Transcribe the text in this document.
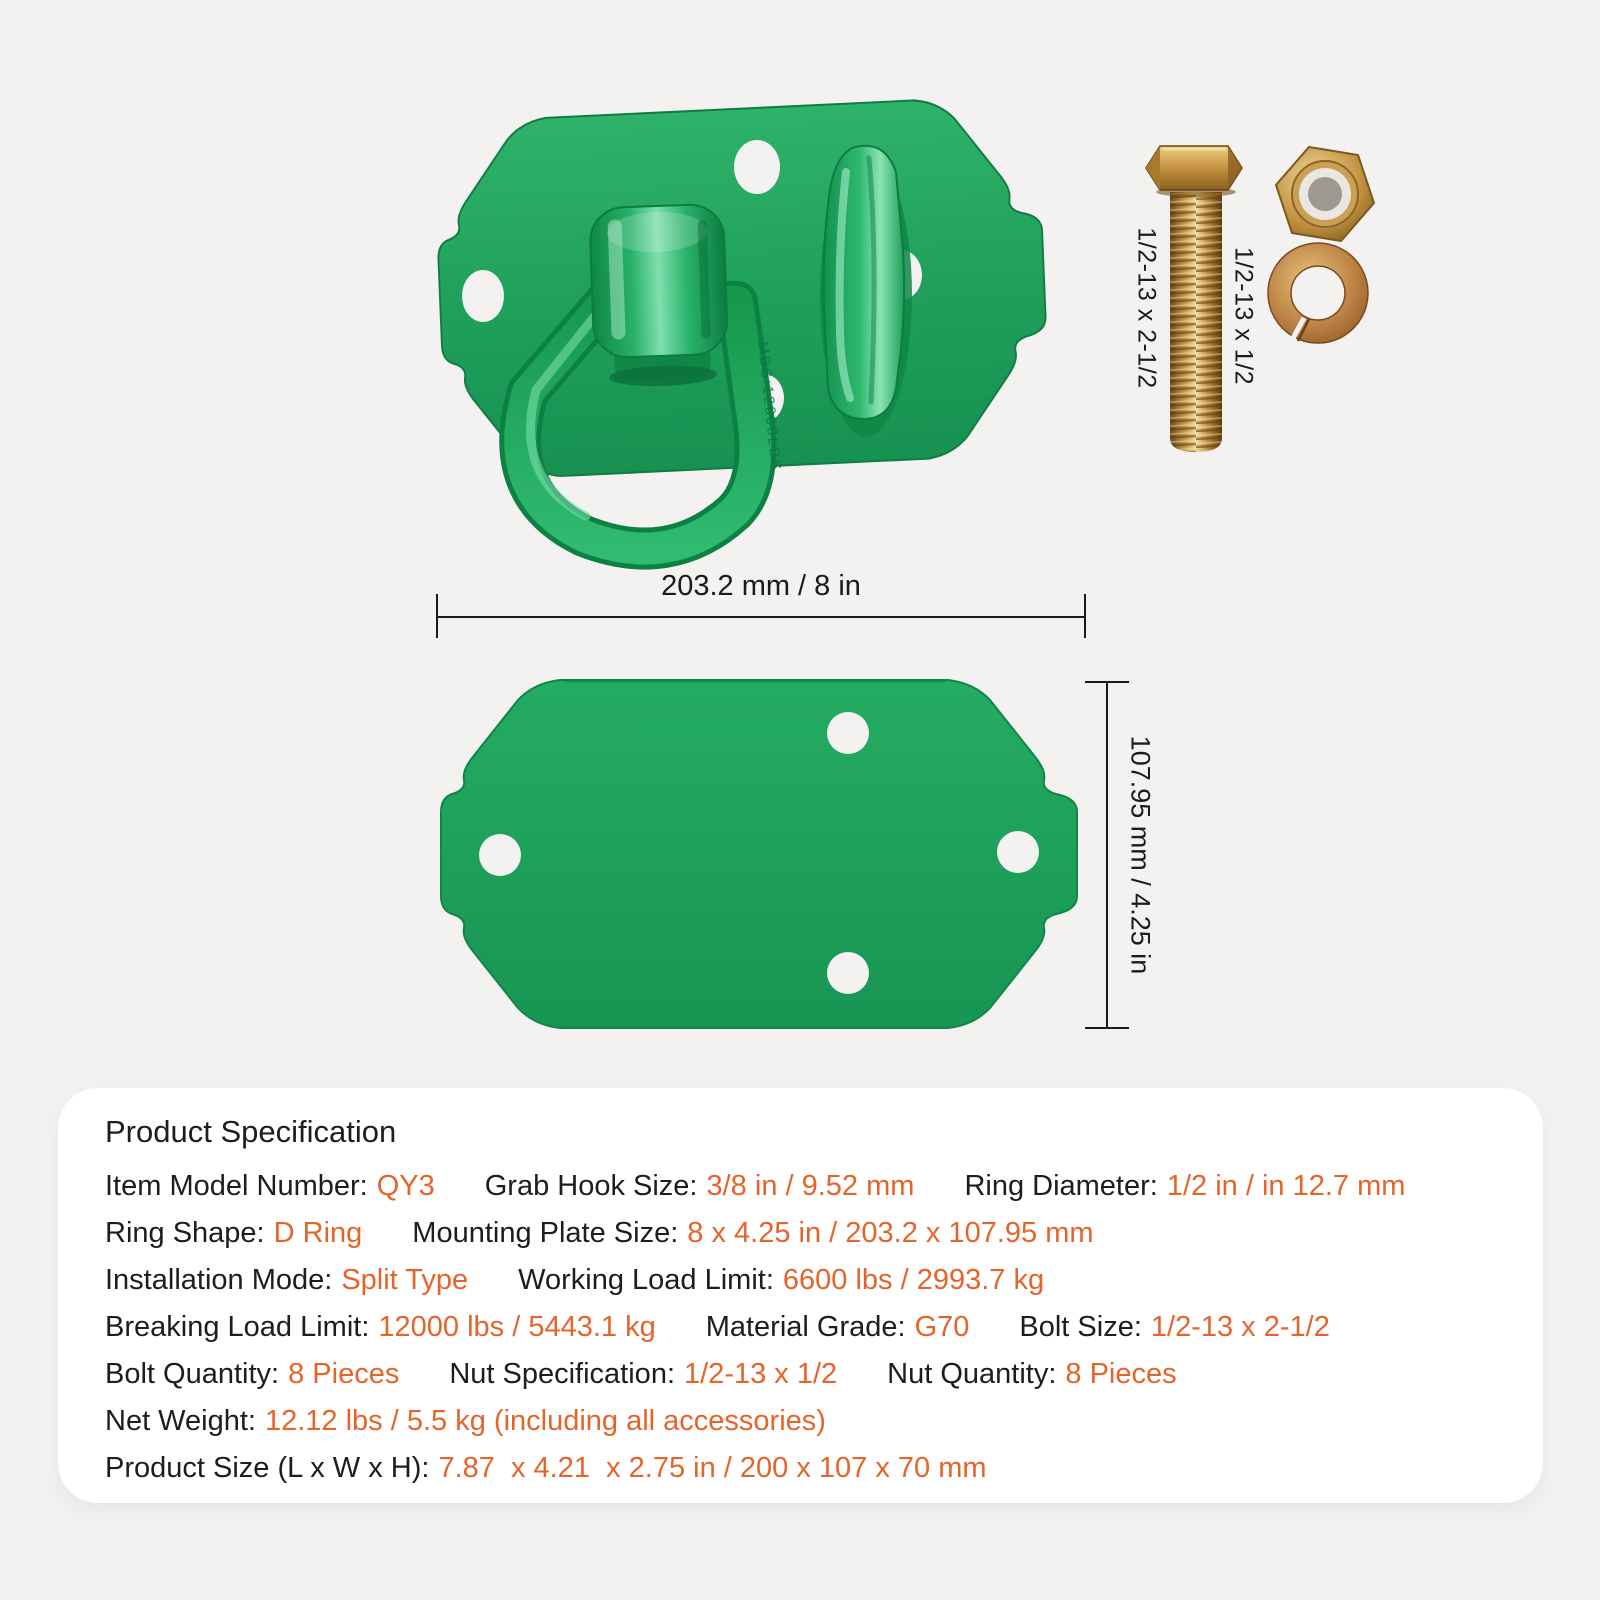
MBS:12000LBS
1/2-13 x 2-1/2	1/2-13 x 1/2
203.2 mm / 8 in
107.95 mm / 4.25 in
Product Specification
Item Model Number: QY3 Grab Hook Size: 3/8 in / 9.52 mm Ring Diameter: 1/2 in / in 12.7 mm
Ring Shape: D Ring Mounting Plate Size: 8 x 4.25 in / 203.2 x 107.95 mm
Installation Mode: Split Type Working Load Limit: 6600 lbs / 2993.7 kg
Breaking Load Limit: 12000 lbs / 5443.1 kg Material Grade: G70 Bolt Size: 1/2-13 x 2-1/2
Bolt Quantity: 8 Pieces Nut Specification: 1/2-13 x 1/2 Nut Quantity: 8 Pieces
Net Weight: 12.12 lbs / 5.5 kg (including all accessories)
Product Size (L x W x H): 7.87  x 4.21  x 2.75 in / 200 x 107 x 70 mm
